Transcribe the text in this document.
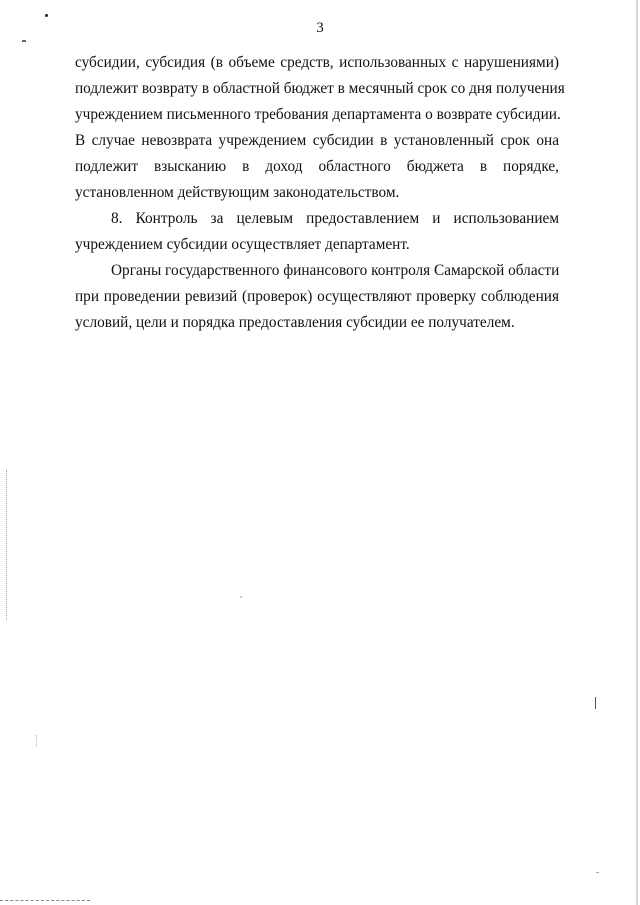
3
субсидии, субсидия (в объеме средств, использованных с нарушениями)
подлежит возврату в областной бюджет в месячный срок со дня получения
учреждением письменного требования департамента о возврате субсидии.
В случае невозврата учреждением субсидии в установленный срок она
подлежит взысканию в доход областного бюджета в порядке,
установленном действующим законодательством.
8. Контроль за целевым предоставлением и использованием
учреждением субсидии осуществляет департамент.
Органы государственного финансового контроля Самарской области
при проведении ревизий (проверок) осуществляют проверку соблюдения
условий, цели и порядка предоставления субсидии ее получателем.
